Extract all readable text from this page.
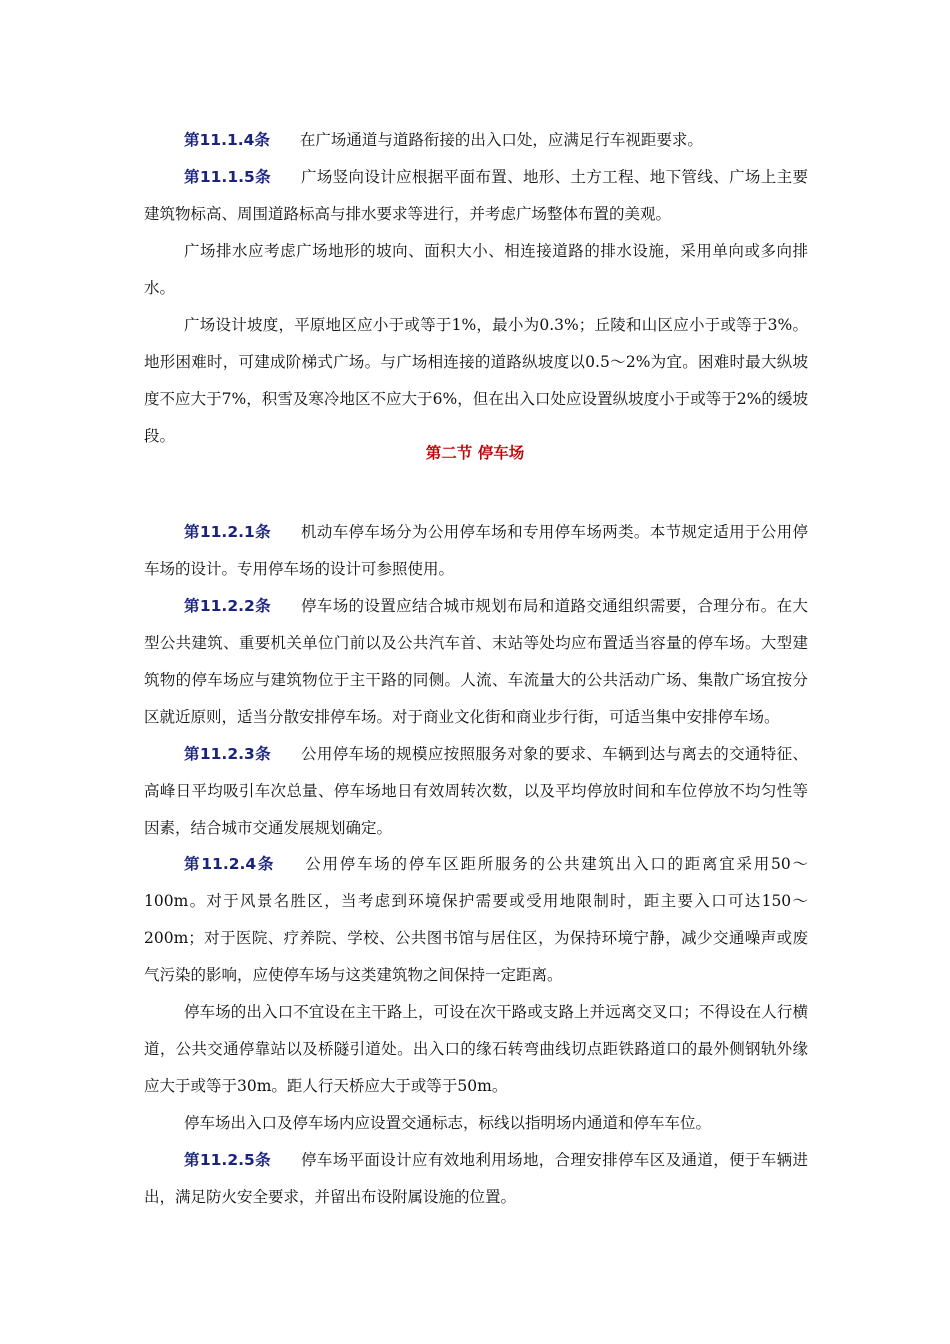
第11.1.4条 在广场通道与道路衔接的出入口处，应满足行车视距要求。

第11.1.5条 广场竖向设计应根据平面布置、地形、土方工程、地下管线、广场上主要建筑物标高、周围道路标高与排水要求等进行，并考虑广场整体布置的美观。

广场排水应考虑广场地形的坡向、面积大小、相连接道路的排水设施，采用单向或多向排水。

广场设计坡度，平原地区应小于或等于1%，最小为0.3%；丘陵和山区应小于或等于3%。地形困难时，可建成阶梯式广场。与广场相连接的道路纵坡度以0.5～2%为宜。困难时最大纵坡度不应大于7%，积雪及寒冷地区不应大于6%，但在出入口处应设置纵坡度小于或等于2%的缓坡段。

第二节 停车场

第11.2.1条 机动车停车场分为公用停车场和专用停车场两类。本节规定适用于公用停车场的设计。专用停车场的设计可参照使用。

第11.2.2条 停车场的设置应结合城市规划布局和道路交通组织需要，合理分布。在大型公共建筑、重要机关单位门前以及公共汽车首、末站等处均应布置适当容量的停车场。大型建筑物的停车场应与建筑物位于主干路的同侧。人流、车流量大的公共活动广场、集散广场宜按分区就近原则，适当分散安排停车场。对于商业文化街和商业步行街，可适当集中安排停车场。

第11.2.3条 公用停车场的规模应按照服务对象的要求、车辆到达与离去的交通特征、高峰日平均吸引车次总量、停车场地日有效周转次数，以及平均停放时间和车位停放不均匀性等因素，结合城市交通发展规划确定。

第11.2.4条 公用停车场的停车区距所服务的公共建筑出入口的距离宜采用50～100m。对于风景名胜区，当考虑到环境保护需要或受用地限制时，距主要入口可达150～200m；对于医院、疗养院、学校、公共图书馆与居住区，为保持环境宁静，减少交通噪声或废气污染的影响，应使停车场与这类建筑物之间保持一定距离。

停车场的出入口不宜设在主干路上，可设在次干路或支路上并远离交叉口；不得设在人行横道，公共交通停靠站以及桥隧引道处。出入口的缘石转弯曲线切点距铁路道口的最外侧钢轨外缘应大于或等于30m。距人行天桥应大于或等于50m。

停车场出入口及停车场内应设置交通标志，标线以指明场内通道和停车车位。

第11.2.5条 停车场平面设计应有效地利用场地，合理安排停车区及通道，便于车辆进出，满足防火安全要求，并留出布设附属设施的位置。
